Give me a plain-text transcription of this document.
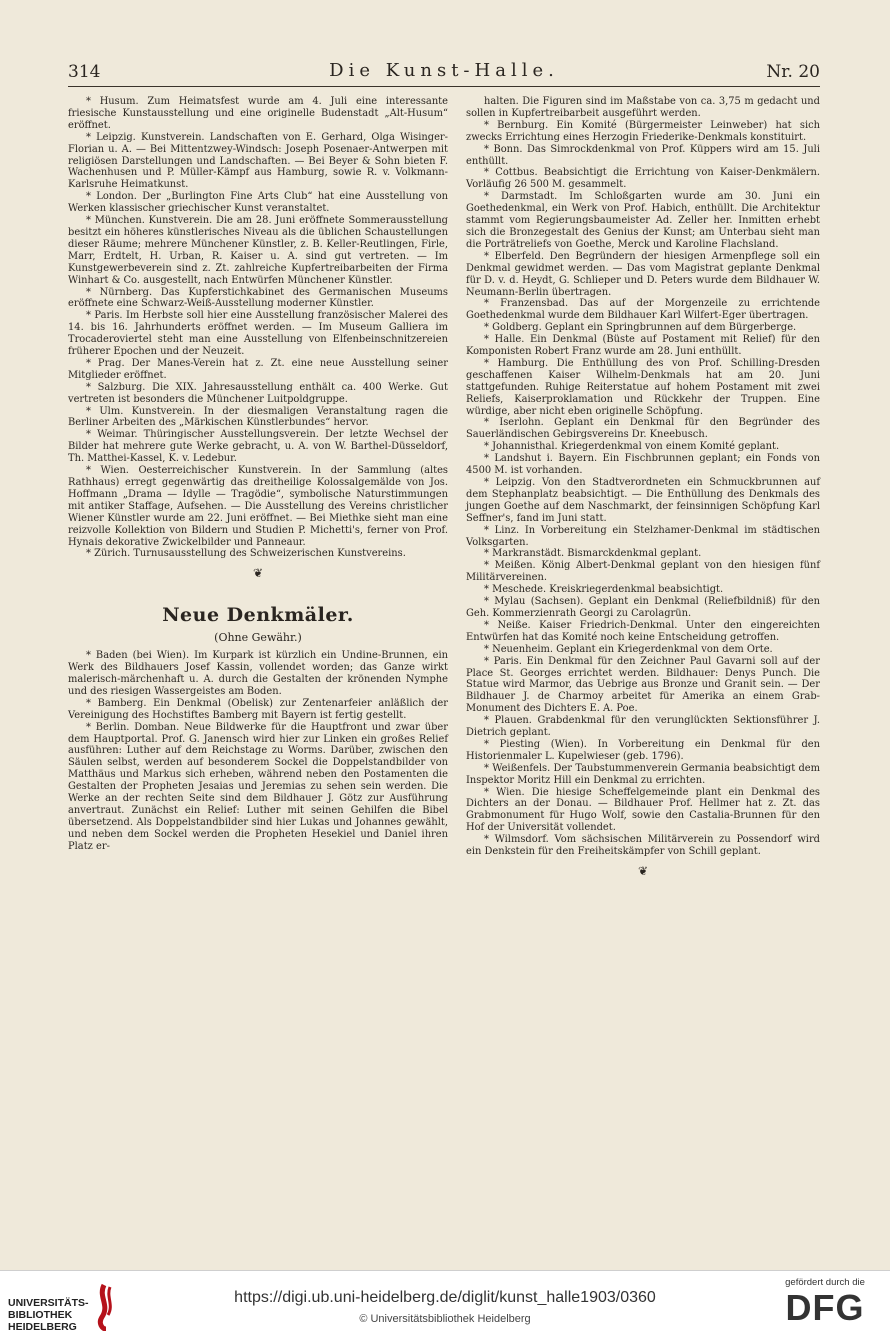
314	Die Kunst-Halle.	Nr. 20

* Husum. Zum Heimatsfest wurde am 4. Juli eine interessante friesische Kunstausstellung und eine originelle Budenstadt „Alt-Husum“ eröffnet.

* Leipzig. Kunstverein. Landschaften von E. Gerhard, Olga Wisinger-Florian u. A. — Bei Mittentzwey-Windsch: Joseph Posenaer-Antwerpen mit religiösen Darstellungen und Landschaften. — Bei Beyer & Sohn bieten F. Wachenhusen und P. Müller-Kämpf aus Hamburg, sowie R. v. Volkmann-Karlsruhe Heimatkunst.

* London. Der „Burlington Fine Arts Club“ hat eine Ausstellung von Werken klassischer griechischer Kunst veranstaltet.

* München. Kunstverein. Die am 28. Juni eröffnete Sommerausstellung besitzt ein höheres künstlerisches Niveau als die üblichen Schaustellungen dieser Räume; mehrere Münchener Künstler, z. B. Keller-Reutlingen, Firle, Marr, Erdtelt, H. Urban, R. Kaiser u. A. sind gut vertreten. — Im Kunstgewerbeverein sind z. Zt. zahlreiche Kupfertreibarbeiten der Firma Winhart & Co. ausgestellt, nach Entwürfen Münchener Künstler.

* Nürnberg. Das Kupferstichkabinet des Germanischen Museums eröffnete eine Schwarz-Weiß-Ausstellung moderner Künstler.

* Paris. Im Herbste soll hier eine Ausstellung französischer Malerei des 14. bis 16. Jahrhunderts eröffnet werden. — Im Museum Galliera im Trocaderoviertel steht man eine Ausstellung von Elfenbeinschnitzereien früherer Epochen und der Neuzeit.

* Prag. Der Manes-Verein hat z. Zt. eine neue Ausstellung seiner Mitglieder eröffnet.

* Salzburg. Die XIX. Jahresausstellung enthält ca. 400 Werke. Gut vertreten ist besonders die Münchener Luitpoldgruppe.

* Ulm. Kunstverein. In der diesmaligen Veranstaltung ragen die Berliner Arbeiten des „Märkischen Künstlerbundes“ hervor.

* Weimar. Thüringischer Ausstellungsverein. Der letzte Wechsel der Bilder hat mehrere gute Werke gebracht, u. A. von W. Barthel-Düsseldorf, Th. Matthei-Kassel, K. v. Ledebur.

* Wien. Oesterreichischer Kunstverein. In der Sammlung (altes Rathhaus) erregt gegenwärtig das dreitheilige Kolossalgemälde von Jos. Hoffmann „Drama — Idylle — Tragödie“, symbolische Naturstimmungen mit antiker Staffage, Aufsehen. — Die Ausstellung des Vereins christlicher Wiener Künstler wurde am 22. Juni eröffnet. — Bei Miethke sieht man eine reizvolle Kollektion von Bildern und Studien P. Michetti's, ferner von Prof. Hynais dekorative Zwickelbilder und Panneaur.

* Zürich. Turnusausstellung des Schweizerischen Kunstvereins.

❦
Neue Denkmäler.
(Ohne Gewähr.)

* Baden (bei Wien). Im Kurpark ist kürzlich ein Undine-Brunnen, ein Werk des Bildhauers Josef Kassin, vollendet worden; das Ganze wirkt malerisch-märchenhaft u. A. durch die Gestalten der krönenden Nymphe und des riesigen Wassergeistes am Boden.

* Bamberg. Ein Denkmal (Obelisk) zur Zentenarfeier anläßlich der Vereinigung des Hochstiftes Bamberg mit Bayern ist fertig gestellt.

* Berlin. Domban. Neue Bildwerke für die Hauptfront und zwar über dem Hauptportal. Prof. G. Janensch wird hier zur Linken ein großes Relief ausführen: Luther auf dem Reichstage zu Worms. Darüber, zwischen den Säulen selbst, werden auf besonderem Sockel die Doppelstandbilder von Matthäus und Markus sich erheben, während neben den Postamenten die Gestalten der Propheten Jesaias und Jeremias zu sehen sein werden. Die Werke an der rechten Seite sind dem Bildhauer J. Götz zur Ausführung anvertraut. Zunächst ein Relief: Luther mit seinen Gehilfen die Bibel übersetzend. Als Doppelstandbilder sind hier Lukas und Johannes gewählt, und neben dem Sockel werden die Propheten Hesekiel und Daniel ihren Platz er-

halten. Die Figuren sind im Maßstabe von ca. 3,75 m gedacht und sollen in Kupfertreibarbeit ausgeführt werden.

* Bernburg. Ein Komité (Bürgermeister Leinweber) hat sich zwecks Errichtung eines Herzogin Friederike-Denkmals konstituirt.

* Bonn. Das Simrockdenkmal von Prof. Küppers wird am 15. Juli enthüllt.

* Cottbus. Beabsichtigt die Errichtung von Kaiser-Denkmälern. Vorläufig 26 500 M. gesammelt.

* Darmstadt. Im Schloßgarten wurde am 30. Juni ein Goethedenkmal, ein Werk von Prof. Habich, enthüllt. Die Architektur stammt vom Regierungsbaumeister Ad. Zeller her. Inmitten erhebt sich die Bronzegestalt des Genius der Kunst; am Unterbau sieht man die Porträtreliefs von Goethe, Merck und Karoline Flachsland.

* Elberfeld. Den Begründern der hiesigen Armenpflege soll ein Denkmal gewidmet werden. — Das vom Magistrat geplante Denkmal für D. v. d. Heydt, G. Schlieper und D. Peters wurde dem Bildhauer W. Neumann-Berlin übertragen.

* Franzensbad. Das auf der Morgenzeile zu errichtende Goethedenkmal wurde dem Bildhauer Karl Wilfert-Eger übertragen.

* Goldberg. Geplant ein Springbrunnen auf dem Bürgerberge.

* Halle. Ein Denkmal (Büste auf Postament mit Relief) für den Komponisten Robert Franz wurde am 28. Juni enthüllt.

* Hamburg. Die Enthüllung des von Prof. Schilling-Dresden geschaffenen Kaiser Wilhelm-Denkmals hat am 20. Juni stattgefunden. Ruhige Reiterstatue auf hohem Postament mit zwei Reliefs, Kaiserproklamation und Rückkehr der Truppen. Eine würdige, aber nicht eben originelle Schöpfung.

* Iserlohn. Geplant ein Denkmal für den Begründer des Sauerländischen Gebirgsvereins Dr. Kneebusch.

* Johannisthal. Kriegerdenkmal von einem Komité geplant.

* Landshut i. Bayern. Ein Fischbrunnen geplant; ein Fonds von 4500 M. ist vorhanden.

* Leipzig. Von den Stadtverordneten ein Schmuckbrunnen auf dem Stephanplatz beabsichtigt. — Die Enthüllung des Denkmals des jungen Goethe auf dem Naschmarkt, der feinsinnigen Schöpfung Karl Seffner's, fand im Juni statt.

* Linz. In Vorbereitung ein Stelzhamer-Denkmal im städtischen Volksgarten.

* Markranstädt. Bismarckdenkmal geplant.

* Meißen. König Albert-Denkmal geplant von den hiesigen fünf Militärvereinen.

* Meschede. Kreiskriegerdenkmal beabsichtigt.

* Mylau (Sachsen). Geplant ein Denkmal (Reliefbildniß) für den Geh. Kommerzienrath Georgi zu Carolagrün.

* Neiße. Kaiser Friedrich-Denkmal. Unter den eingereichten Entwürfen hat das Komité noch keine Entscheidung getroffen.

* Neuenheim. Geplant ein Kriegerdenkmal von dem Orte.

* Paris. Ein Denkmal für den Zeichner Paul Gavarni soll auf der Place St. Georges errichtet werden. Bildhauer: Denys Punch. Die Statue wird Marmor, das Uebrige aus Bronze und Granit sein. — Der Bildhauer J. de Charmoy arbeitet für Amerika an einem Grab-Monument des Dichters E. A. Poe.

* Plauen. Grabdenkmal für den verunglückten Sektionsführer J. Dietrich geplant.

* Piesting (Wien). In Vorbereitung ein Denkmal für den Historienmaler L. Kupelwieser (geb. 1796).

* Weißenfels. Der Taubstummenverein Germania beabsichtigt dem Inspektor Moritz Hill ein Denkmal zu errichten.

* Wien. Die hiesige Scheffelgemeinde plant ein Denkmal des Dichters an der Donau. — Bildhauer Prof. Hellmer hat z. Zt. das Grabmonument für Hugo Wolf, sowie den Castalia-Brunnen für den Hof der Universität vollendet.

* Wilmsdorf. Vom sächsischen Militärverein zu Possendorf wird ein Denkstein für den Freiheitskämpfer von Schill geplant.

❦
UNIVERSITÄTS-
BIBLIOTHEK
HEIDELBERG
https://digi.ub.uni-heidelberg.de/diglit/kunst_halle1903/0360
© Universitätsbibliothek Heidelberg
gefördert durch die
DFG
